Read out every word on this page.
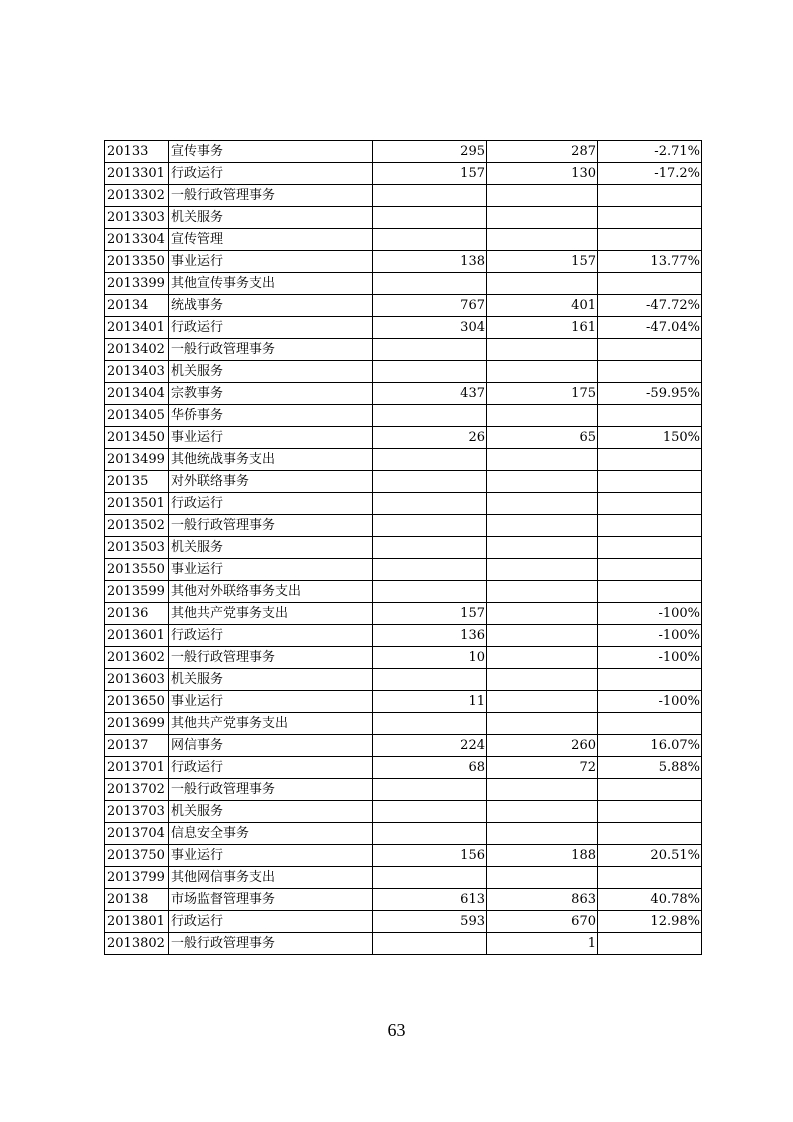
20133	宣传事务	295	287	-2.71%
2013301	行政运行	157	130	-17.2%
2013302	一般行政管理事务			
2013303	机关服务			
2013304	宣传管理			
2013350	事业运行	138	157	13.77%
2013399	其他宣传事务支出			
20134	统战事务	767	401	-47.72%
2013401	行政运行	304	161	-47.04%
2013402	一般行政管理事务			
2013403	机关服务			
2013404	宗教事务	437	175	-59.95%
2013405	华侨事务			
2013450	事业运行	26	65	150%
2013499	其他统战事务支出			
20135	对外联络事务			
2013501	行政运行			
2013502	一般行政管理事务			
2013503	机关服务			
2013550	事业运行			
2013599	其他对外联络事务支出			
20136	其他共产党事务支出	157		-100%
2013601	行政运行	136		-100%
2013602	一般行政管理事务	10		-100%
2013603	机关服务			
2013650	事业运行	11		-100%
2013699	其他共产党事务支出			
20137	网信事务	224	260	16.07%
2013701	行政运行	68	72	5.88%
2013702	一般行政管理事务			
2013703	机关服务			
2013704	信息安全事务			
2013750	事业运行	156	188	20.51%
2013799	其他网信事务支出			
20138	市场监督管理事务	613	863	40.78%
2013801	行政运行	593	670	12.98%
2013802	一般行政管理事务		1	
63
